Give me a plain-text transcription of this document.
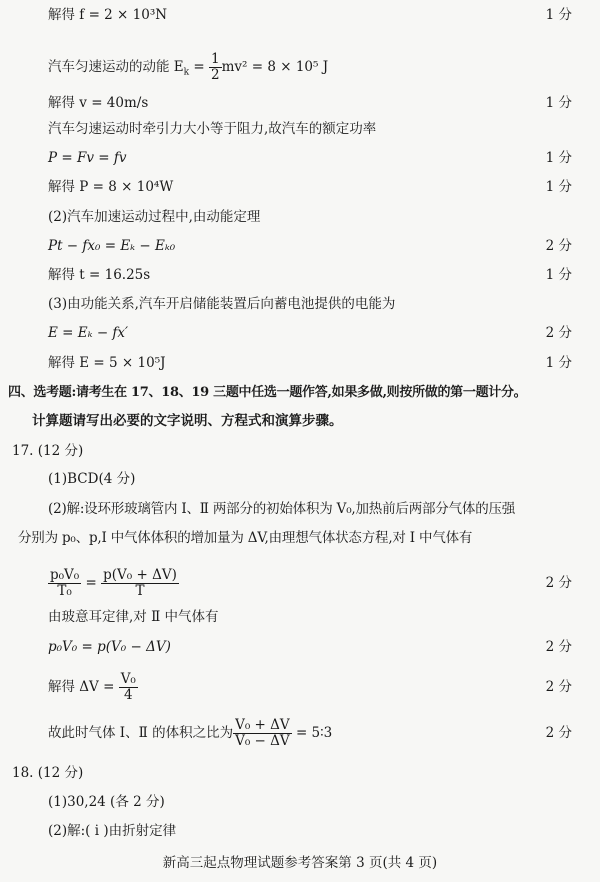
解得 f = 2 × 10³N	1 分
汽车匀速运动的动能 $E_k = \frac{1}{2} mv^2 = 8 \times 10^5$ J
解得 v = 40m/s	1 分
汽车匀速运动时牵引力大小等于阻力,故汽车的额定功率
P = Fv = fv	1 分
解得 P = 8 × 10⁴W	1 分
(2)汽车加速运动过程中,由动能定理
Pt − fx₀ = Eₖ − Eₖ₀	2 分
解得 t = 16.25s	1 分
(3)由功能关系,汽车开启储能装置后向蓄电池提供的电能为
E = Eₖ − fx′	2 分
解得 E = 5 × 10⁵J	1 分
四、选考题:请考生在 17、18、19 三题中任选一题作答,如果多做,则按所做的第一题计分。
计算题请写出必要的文字说明、方程式和演算步骤。
17. (12 分)
(1)BCD(4 分)
(2)解:设环形玻璃管内 Ⅰ、Ⅱ 两部分的初始体积为 V₀,加热前后两部分气体的压强
分别为 p₀、p,Ⅰ 中气体体积的增加量为 ΔV,由理想气体状态方程,对 Ⅰ 中气体有
$\frac{\text{p₀V₀}}{\text{T₀}} = \frac{\text{p(V₀ + ΔV)}}{T}$	2 分
由玻意耳定律,对 Ⅱ 中气体有
p₀V₀ = p(V₀ − ΔV)	2 分
解得 $\Delta V = \frac{\text{V₀}}{4}$	2 分
故此时气体 Ⅰ、Ⅱ 的体积之比为 $\frac{\text{V₀ + ΔV}}{\text{V₀ − ΔV}}$ = 5∶3	2 分
18. (12 分)
(1)30,24 (各 2 分)
(2)解:( ⅰ )由折射定律
新高三起点物理试题参考答案第 3 页(共 4 页)
